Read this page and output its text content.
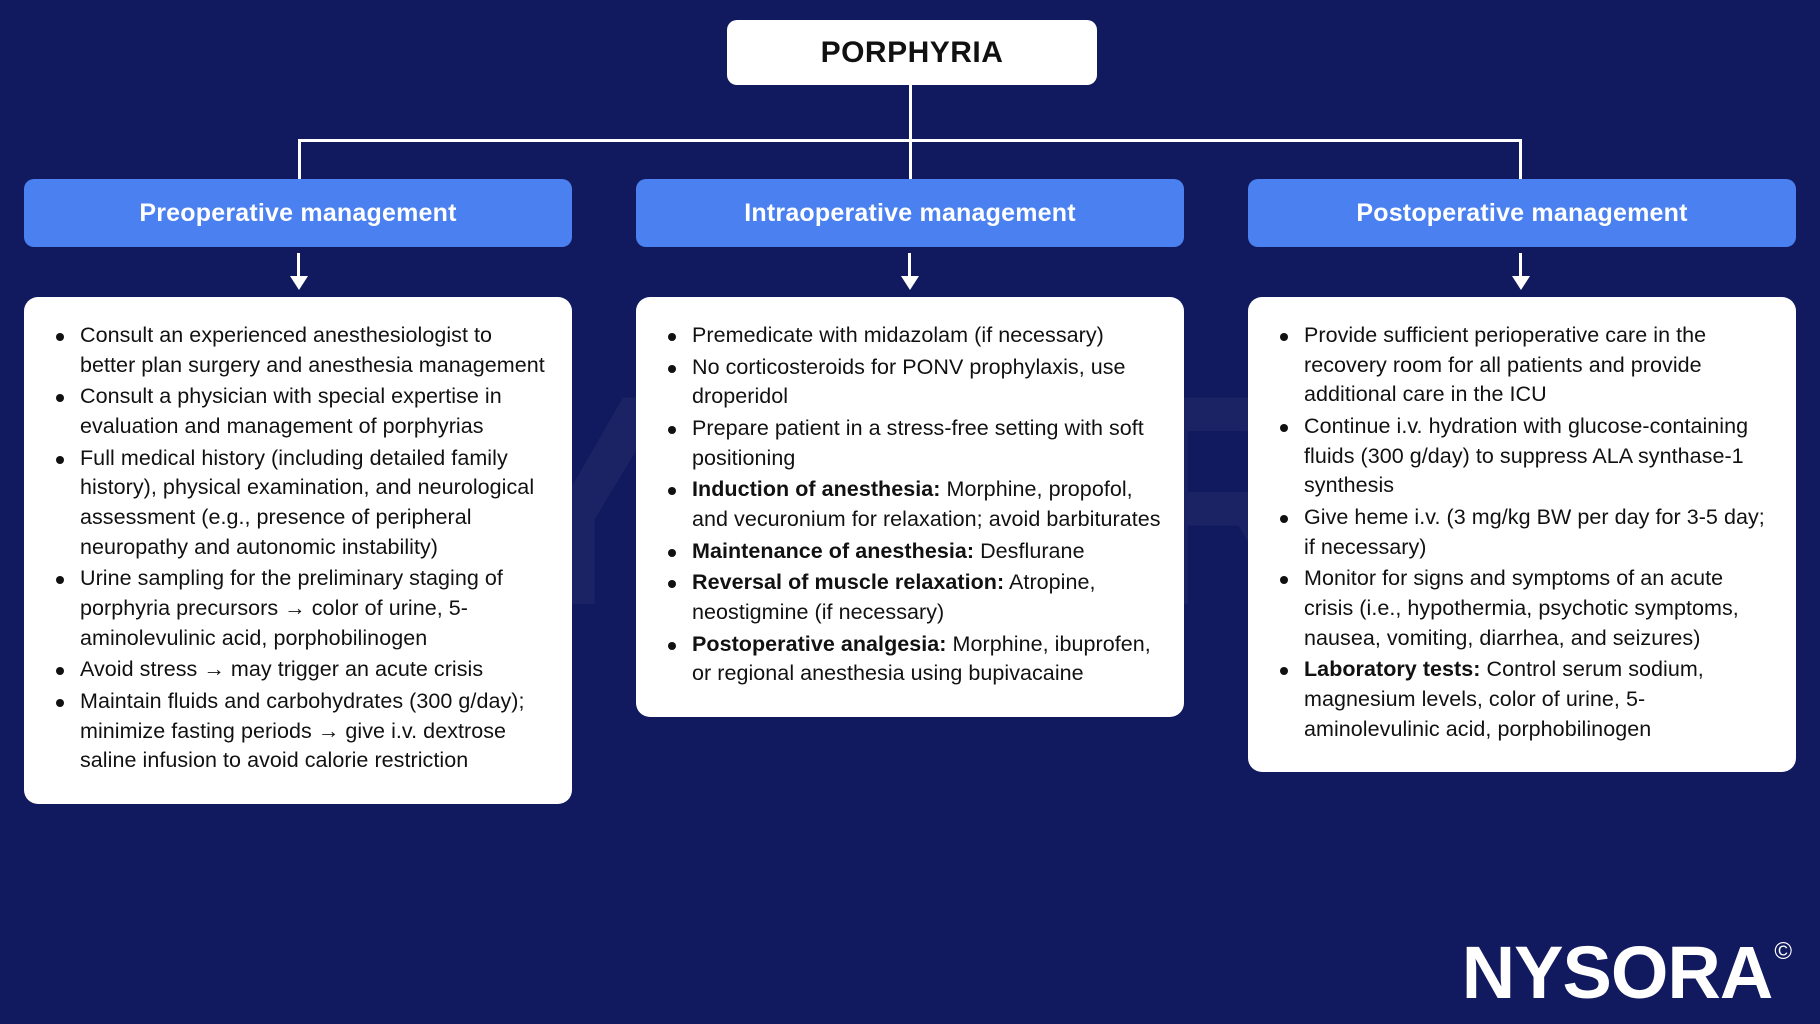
PORPHYRIA
Preoperative management
Consult an experienced anesthesiologist to better plan surgery and anesthesia management
Consult a physician with special expertise in evaluation and management of porphyrias
Full medical history (including detailed family history), physical examination, and neurological assessment (e.g., presence of peripheral neuropathy and autonomic instability)
Urine sampling for the preliminary staging of porphyria precursors → color of urine, 5-aminolevulinic acid, porphobilinogen
Avoid stress → may trigger an acute crisis
Maintain fluids and carbohydrates (300 g/day); minimize fasting periods → give i.v. dextrose saline infusion to avoid calorie restriction
Intraoperative management
Premedicate with midazolam (if necessary)
No corticosteroids for PONV prophylaxis, use droperidol
Prepare patient in a stress-free setting with soft positioning
Induction of anesthesia: Morphine, propofol, and vecuronium for relaxation; avoid barbiturates
Maintenance of anesthesia: Desflurane
Reversal of muscle relaxation: Atropine, neostigmine (if necessary)
Postoperative analgesia: Morphine, ibuprofen, or regional anesthesia using bupivacaine
Postoperative management
Provide sufficient perioperative care in the recovery room for all patients and provide additional care in the ICU
Continue i.v. hydration with glucose-containing fluids (300 g/day) to suppress ALA synthase-1 synthesis
Give heme i.v. (3 mg/kg BW per day for 3-5 day; if necessary)
Monitor for signs and symptoms of an acute crisis (i.e., hypothermia, psychotic symptoms, nausea, vomiting, diarrhea, and seizures)
Laboratory tests: Control serum sodium, magnesium levels, color of urine, 5-aminolevulinic acid, porphobilinogen
NYSORA ©
